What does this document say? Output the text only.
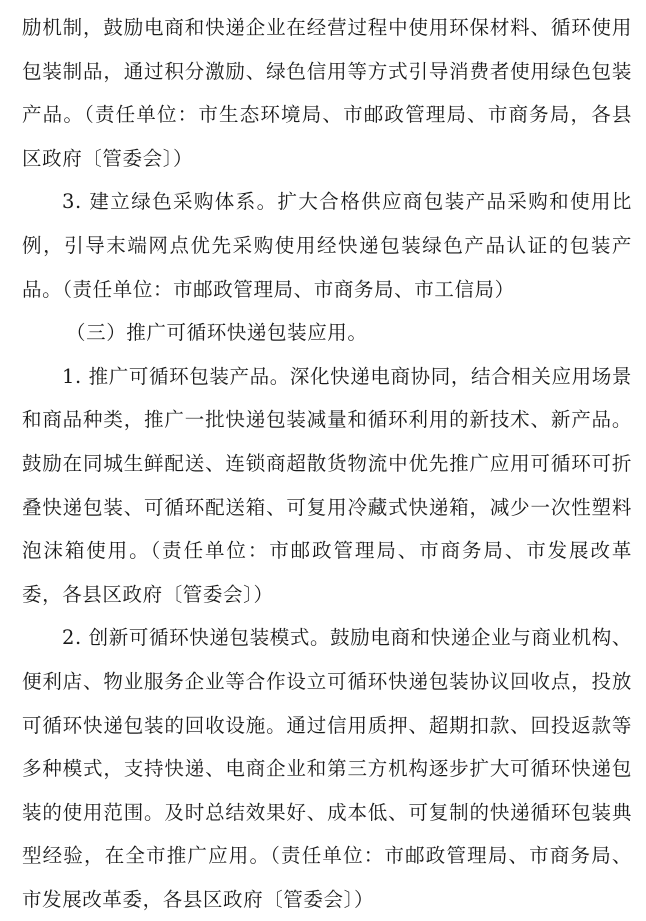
励机制，鼓励电商和快递企业在经营过程中使用环保材料、循环使用包装制品，通过积分激励、绿色信用等方式引导消费者使用绿色包装产品。（责任单位：市生态环境局、市邮政管理局、市商务局，各县区政府〔管委会〕）

3. 建立绿色采购体系。扩大合格供应商包装产品采购和使用比例，引导末端网点优先采购使用经快递包装绿色产品认证的包装产品。（责任单位：市邮政管理局、市商务局、市工信局）

（三）推广可循环快递包装应用。

1. 推广可循环包装产品。深化快递电商协同，结合相关应用场景和商品种类，推广一批快递包装减量和循环利用的新技术、新产品。鼓励在同城生鲜配送、连锁商超散货物流中优先推广应用可循环可折叠快递包装、可循环配送箱、可复用冷藏式快递箱，减少一次性塑料泡沫箱使用。（责任单位：市邮政管理局、市商务局、市发展改革委，各县区政府〔管委会〕）

2. 创新可循环快递包装模式。鼓励电商和快递企业与商业机构、便利店、物业服务企业等合作设立可循环快递包装协议回收点，投放可循环快递包装的回收设施。通过信用质押、超期扣款、回投返款等多种模式，支持快递、电商企业和第三方机构逐步扩大可循环快递包装的使用范围。及时总结效果好、成本低、可复制的快递循环包装典型经验，在全市推广应用。（责任单位：市邮政管理局、市商务局、市发展改革委，各县区政府〔管委会〕）
